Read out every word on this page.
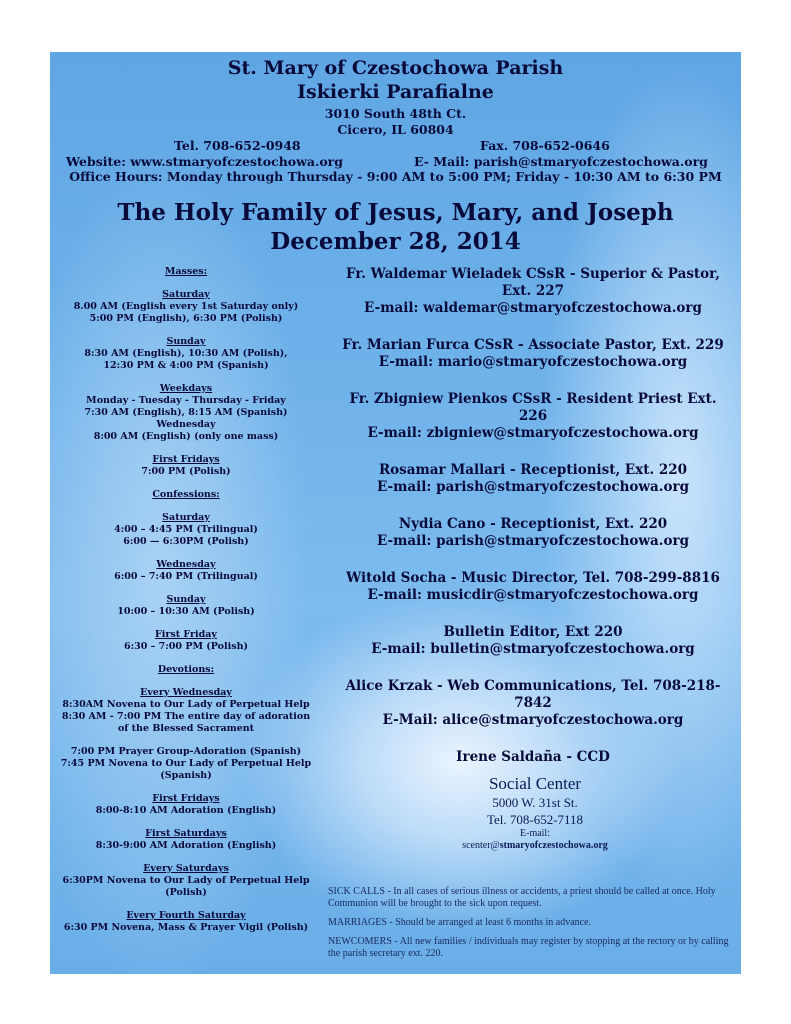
St. Mary of Czestochowa Parish
Iskierki Parafialne
3010 South 48th Ct.
Cicero, IL 60804
Tel. 708-652-0948	Fax. 708-652-0646
Website: www.stmaryofczestochowa.org	E- Mail: parish@stmaryofczestochowa.org
Office Hours: Monday through Thursday - 9:00 AM to 5:00 PM; Friday - 10:30 AM to 6:30 PM
The Holy Family of Jesus, Mary, and Joseph
December 28, 2014
Masses:
Saturday
8.00 AM (English every 1st Saturday only)
5:00 PM (English), 6:30 PM (Polish)
Sunday
8:30 AM (English), 10:30 AM (Polish),
12:30 PM & 4:00 PM (Spanish)
Weekdays
Monday - Tuesday - Thursday - Friday
7:30 AM (English), 8:15 AM (Spanish)
Wednesday
8:00 AM (English) (only one mass)
First Fridays
7:00 PM (Polish)
Confessions:
Saturday
4:00 – 4:45 PM (Trilingual)
6:00 — 6:30PM (Polish)
Wednesday
6:00 – 7:40 PM (Trilingual)
Sunday
10:00 – 10:30 AM (Polish)
First Friday
6:30 – 7:00 PM (Polish)
Devotions:
Every Wednesday
8:30AM Novena to Our Lady of Perpetual Help
8:30 AM - 7:00 PM The entire day of adoration
of the Blessed Sacrament
7:00 PM Prayer Group-Adoration (Spanish)
7:45 PM Novena to Our Lady of Perpetual Help
(Spanish)
First Fridays
8:00-8:10 AM Adoration (English)
First Saturdays
8:30-9:00 AM Adoration (English)
Every Saturdays
6:30PM Novena to Our Lady of Perpetual Help
(Polish)
Every Fourth Saturday
6:30 PM Novena, Mass & Prayer Vigil (Polish)
Fr. Waldemar Wieladek CSsR - Superior & Pastor,
Ext. 227
E-mail: waldemar@stmaryofczestochowa.org
Fr. Marian Furca CSsR - Associate Pastor, Ext. 229
E-mail: mario@stmaryofczestochowa.org
Fr. Zbigniew Pienkos CSsR - Resident Priest Ext.
226
E-mail: zbigniew@stmaryofczestochowa.org
Rosamar Mallari - Receptionist, Ext. 220
E-mail: parish@stmaryofczestochowa.org
Nydia Cano - Receptionist, Ext. 220
E-mail: parish@stmaryofczestochowa.org
Witold Socha - Music Director, Tel. 708-299-8816
E-mail: musicdir@stmaryofczestochowa.org
Bulletin Editor, Ext 220
E-mail: bulletin@stmaryofczestochowa.org
Alice Krzak - Web Communications, Tel. 708-218-
7842
E-Mail: alice@stmaryofczestochowa.org
Irene Saldaña - CCD
Social Center
5000 W. 31st St.
Tel. 708-652-7118
E-mail:
scenter@stmaryofczestochowa.org

SICK CALLS - In all cases of serious illness or accidents, a priest should be called at once. Holy Communion will be brought to the sick upon request.

MARRIAGES - Should be arranged at least 6 months in advance.

NEWCOMERS - All new families / individuals may register by stopping at the rectory or by calling the parish secretary ext. 220.
